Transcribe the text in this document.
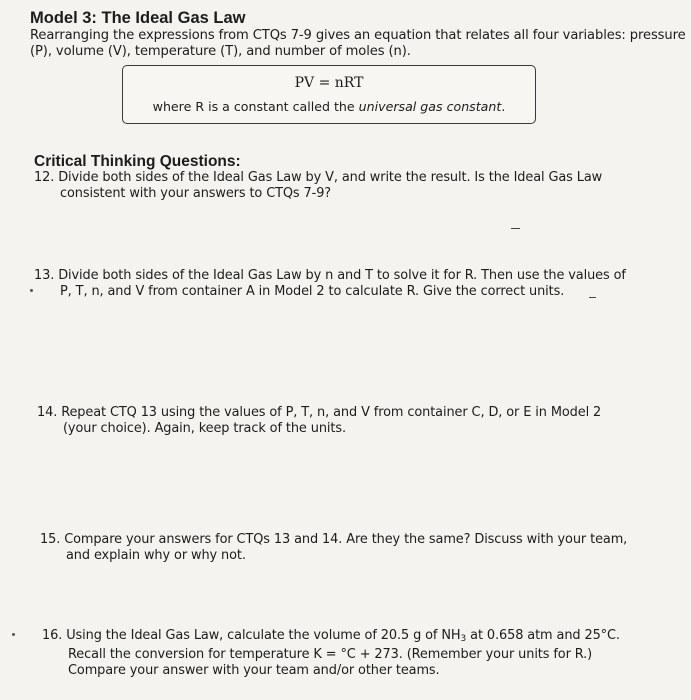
Model 3: The Ideal Gas Law
Rearranging the expressions from CTQs 7-9 gives an equation that relates all four variables: pressure (P), volume (V), temperature (T), and number of moles (n).
PV = nRT
where R is a constant called the universal gas constant.
Critical Thinking Questions:
12. Divide both sides of the Ideal Gas Law by V, and write the result. Is the Ideal Gas Law
consistent with your answers to CTQs 7-9?
13. Divide both sides of the Ideal Gas Law by n and T to solve it for R. Then use the values of
P, T, n, and V from container A in Model 2 to calculate R. Give the correct units.
14. Repeat CTQ 13 using the values of P, T, n, and V from container C, D, or E in Model 2
(your choice). Again, keep track of the units.
15. Compare your answers for CTQs 13 and 14. Are they the same? Discuss with your team,
and explain why or why not.
16. Using the Ideal Gas Law, calculate the volume of 20.5 g of $NH_3$ at 0.658 atm and 25°C.
Recall the conversion for temperature K = °C + 273. (Remember your units for R.)
Compare your answer with your team and/or other teams.
